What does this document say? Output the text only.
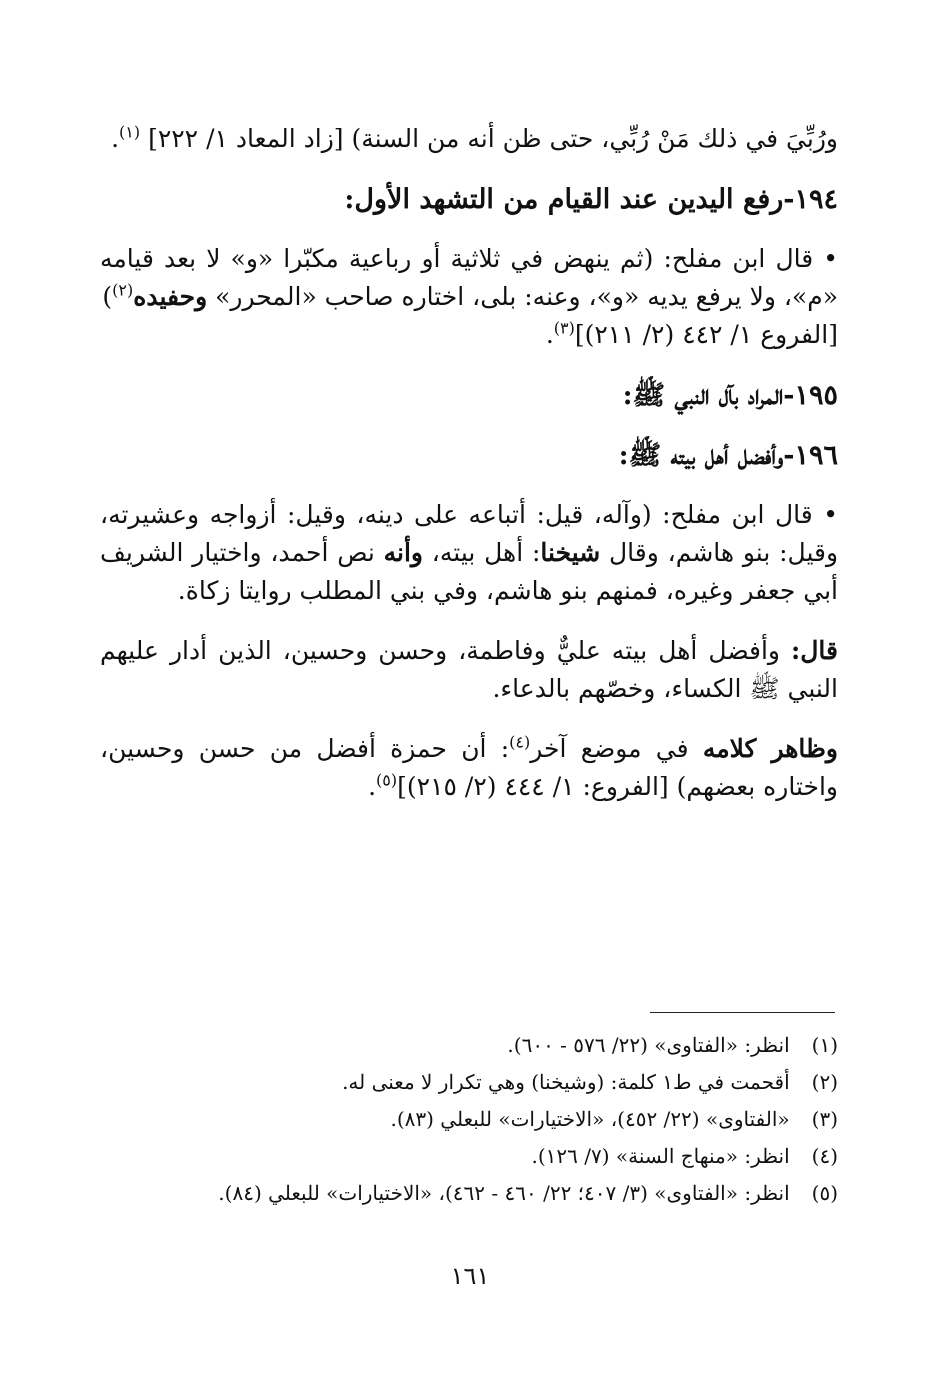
ورُبِّيَ في ذلك مَنْ رُبِّي، حتى ظن أنه من السنة) [زاد المعاد ١/ ٢٢٢] $^{(١)}$.
١٩٤-رفع اليدين عند القيام من التشهد الأول:
• قال ابن مفلح: (ثم ينهض في ثلاثية أو رباعية مكبّرا «و» لا بعد قيامه
«م»، ولا يرفع يديه «و»، وعنه: بلى، اختاره صاحب «المحرر» وحفيده$^{(٢)}$)
[الفروع ١/ ٤٤٢ (٢/ ٢١١)]$^{(٣)}$.
١٩٥-المراد بآل النبي ﷺ:
١٩٦-وأفضل أهل بيته ﷺ:
• قال ابن مفلح: (وآله، قيل: أتباعه على دينه، وقيل: أزواجه وعشيرته،
وقيل: بنو هاشم، وقال شيخنا: أهل بيته، وأنه نص أحمد، واختيار الشريف
أبي جعفر وغيره، فمنهم بنو هاشم، وفي بني المطلب روايتا زكاة.
قال: وأفضل أهل بيته عليٌّ وفاطمة، وحسن وحسين، الذين أدار عليهم
النبي ﷺ الكساء، وخصّهم بالدعاء.
وظاهر كلامه في موضع آخر$^{(٤)}$: أن حمزة أفضل من حسن وحسين،
واختاره بعضهم) [الفروع: ١/ ٤٤٤ (٢/ ٢١٥)]$^{(٥)}$.
(١) انظر: «الفتاوى» (٢٢/ ٥٧٦ - ٦٠٠).
(٢) أقحمت في ط١ كلمة: (وشيخنا) وهي تكرار لا معنى له.
(٣) «الفتاوى» (٢٢/ ٤٥٢)، «الاختيارات» للبعلي (٨٣).
(٤) انظر: «منهاج السنة» (٧/ ١٢٦).
(٥) انظر: «الفتاوى» (٣/ ٤٠٧؛ ٢٢/ ٤٦٠ - ٤٦٢)، «الاختيارات» للبعلي (٨٤).
١٦١
